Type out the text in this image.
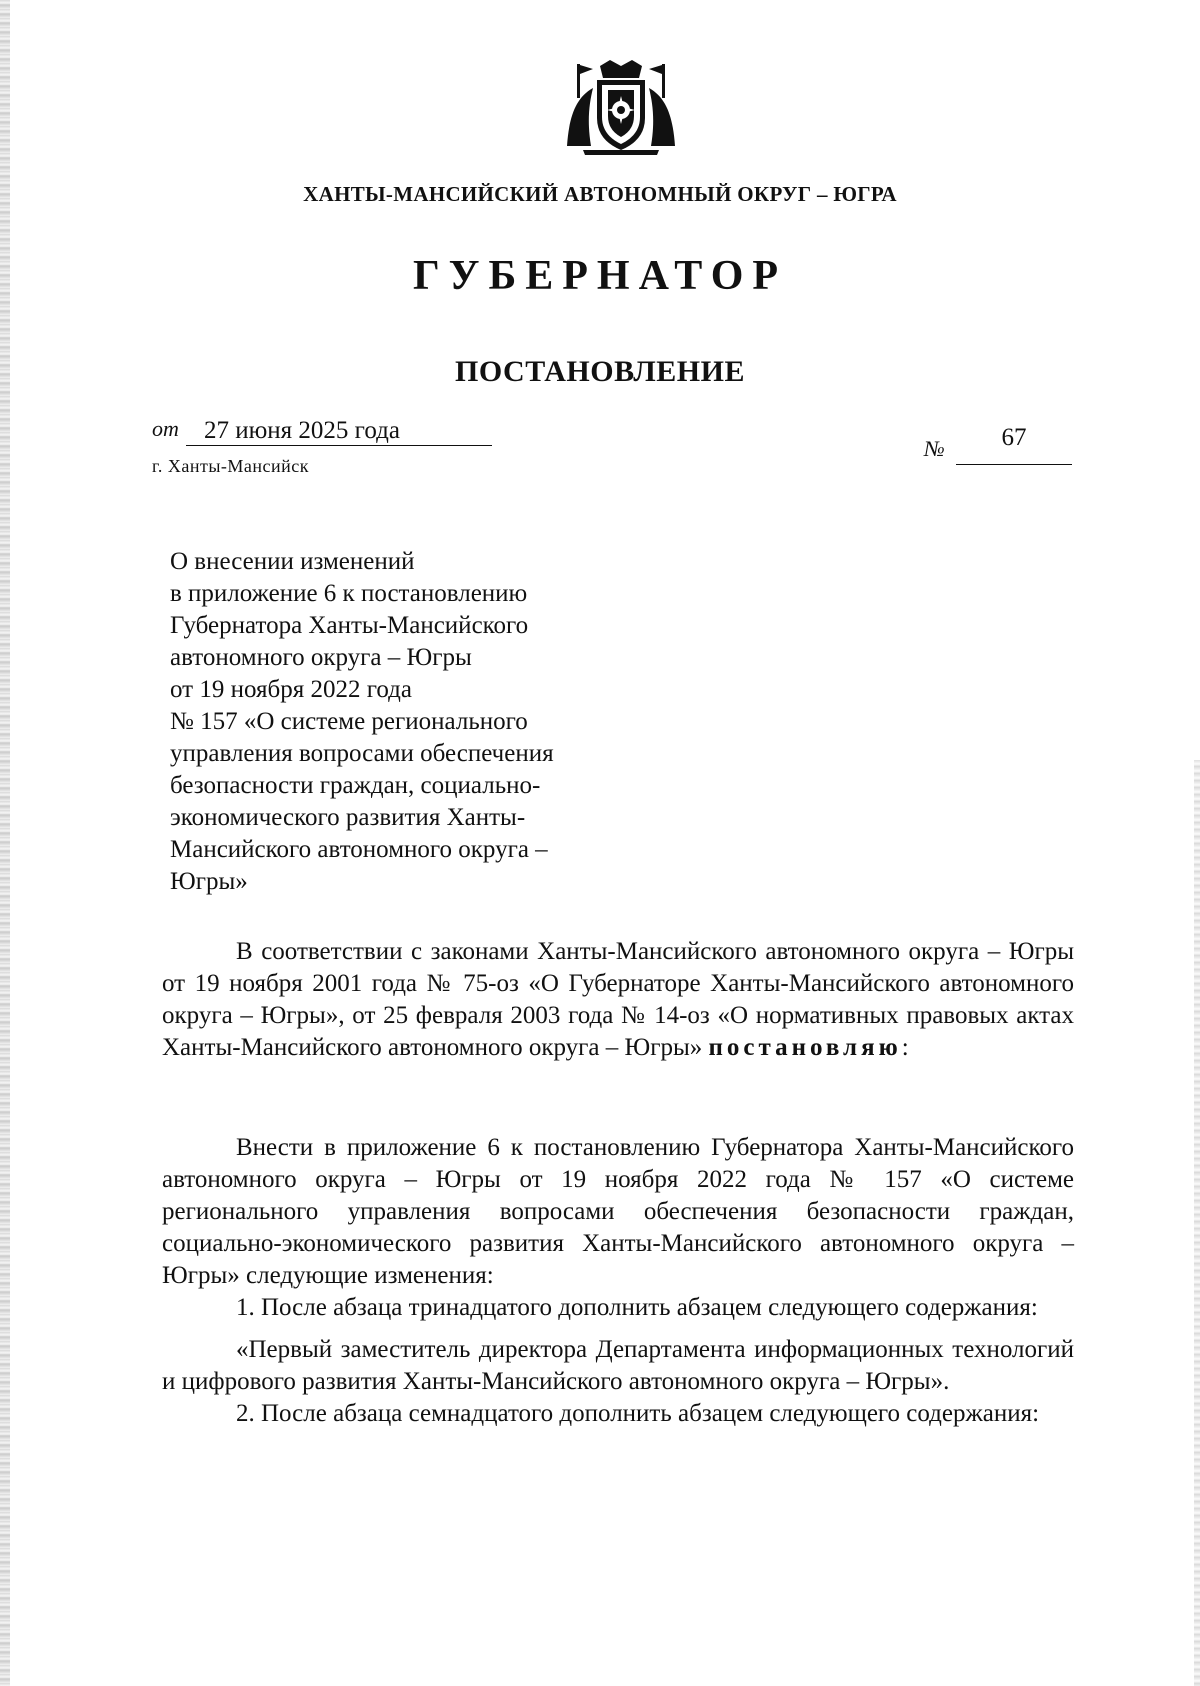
ХАНТЫ-МАНСИЙСКИЙ АВТОНОМНЫЙ ОКРУГ – ЮГРА
ГУБЕРНАТОР
ПОСТАНОВЛЕНИЕ
от	27 июня 2025 года
№	67
г. Ханты-Мансийск
О внесении изменений
в приложение 6 к постановлению
Губернатора Ханты-Мансийского
автономного округа – Югры
от 19 ноября 2022 года
№ 157 «О системе регионального
управления вопросами обеспечения
безопасности граждан, социально-
экономического развития Ханты-
Мансийского автономного округа –
Югры»

В соответствии с законами Ханты-Мансийского автономного округа – Югры от 19 ноября 2001 года № 75-оз «О Губернаторе Ханты-Мансийского автономного округа – Югры», от 25 февраля 2003 года № 14-оз «О нормативных правовых актах Ханты-Мансийского автономного округа – Югры» постановляю:

Внести в приложение 6 к постановлению Губернатора Ханты-Мансийского автономного округа – Югры от 19 ноября 2022 года № 157 «О системе регионального управления вопросами обеспечения безопасности граждан, социально-экономического развития Ханты-Мансийского автономного округа – Югры» следующие изменения:

1. После абзаца тринадцатого дополнить абзацем следующего содержания:

«Первый заместитель директора Департамента информационных технологий и цифрового развития Ханты-Мансийского автономного округа – Югры».

2. После абзаца семнадцатого дополнить абзацем следующего содержания:
